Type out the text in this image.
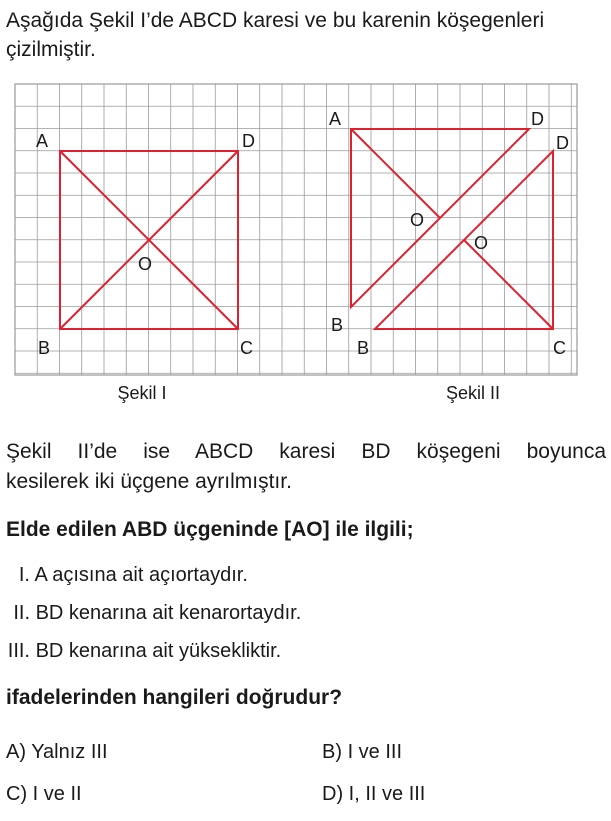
Aşağıda Şekil I’de ABCD karesi ve bu karenin köşegenleri
çizilmiştir.

A	D
B	C
O
A	D
D
B
B	C
O
O
Şekil I	Şekil II

Şekil II’de ise ABCD karesi BD köşegeni boyunca

kesilerek iki üçgene ayrılmıştır.

Elde edilen ABD üçgeninde [AO] ile ilgili;

I. A açısına ait açıortaydır.

II. BD kenarına ait kenarortaydır.

III. BD kenarına ait yüksekliktir.

ifadelerinden hangileri doğrudur?

A) Yalnız III	B) I ve III

C) I ve II	D) I, II ve III
